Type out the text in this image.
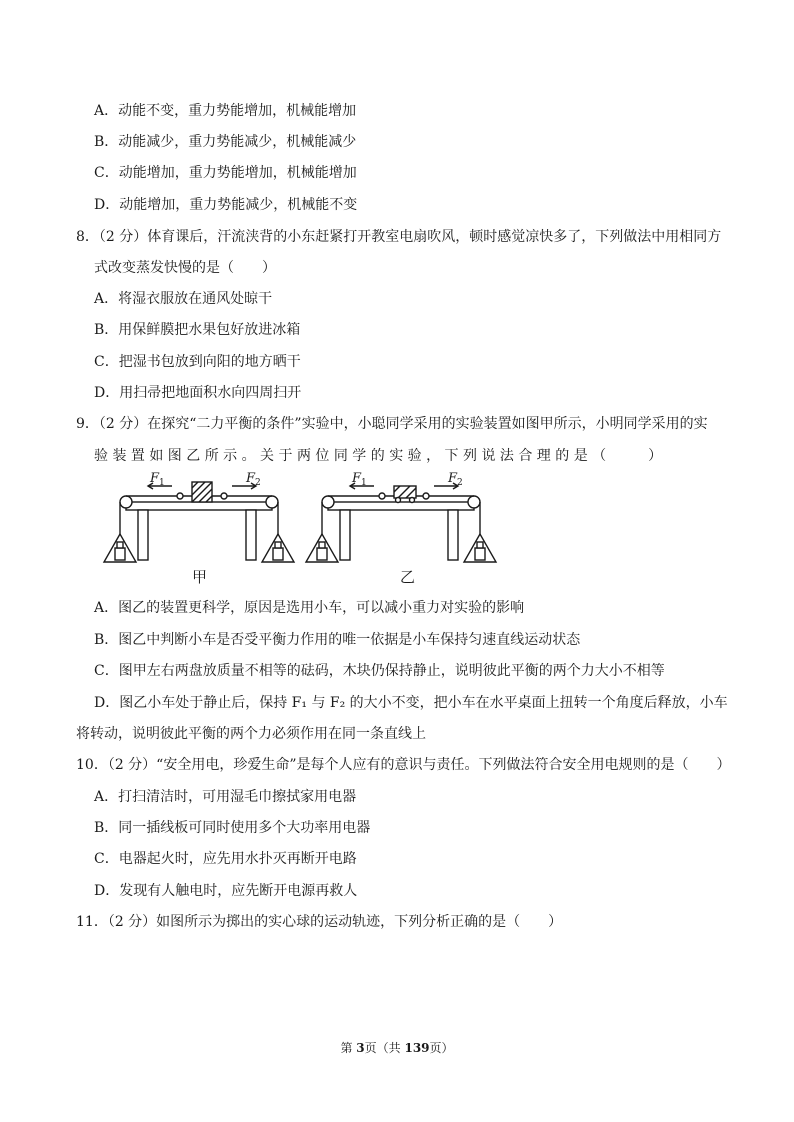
A．动能不变，重力势能增加，机械能增加
B．动能减少，重力势能减少，机械能减少
C．动能增加，重力势能增加，机械能增加
D．动能增加，重力势能减少，机械能不变
8．（2 分）体育课后，汗流浃背的小东赶紧打开教室电扇吹风，顿时感觉凉快多了，下列做法中用相同方
式改变蒸发快慢的是（　　）
A．将湿衣服放在通风处晾干
B．用保鲜膜把水果包好放进冰箱
C．把湿书包放到向阳的地方晒干
D．用扫帚把地面积水向四周扫开
9．（2 分）在探究“二力平衡的条件”实验中，小聪同学采用的实验装置如图甲所示，小明同学采用的实
验 装 置 如 图 乙 所 示 。 关 于 两 位 同 学 的 实 验 ， 下 列 说 法 合 理 的 是 （　　　）
$F_1$	$F_2$
甲
$F_1$	$F_2$
乙
A．图乙的装置更科学，原因是选用小车，可以减小重力对实验的影响
B．图乙中判断小车是否受平衡力作用的唯一依据是小车保持匀速直线运动状态
C．图甲左右两盘放质量不相等的砝码，木块仍保持静止，说明彼此平衡的两个力大小不相等
D．图乙小车处于静止后，保持 F₁ 与 F₂ 的大小不变，把小车在水平桌面上扭转一个角度后释放，小车
将转动，说明彼此平衡的两个力必须作用在同一条直线上
10．（2 分）“安全用电，珍爱生命”是每个人应有的意识与责任。下列做法符合安全用电规则的是（　　）
A．打扫清洁时，可用湿毛巾擦拭家用电器
B．同一插线板可同时使用多个大功率用电器
C．电器起火时，应先用水扑灭再断开电路
D．发现有人触电时，应先断开电源再救人
11．（2 分）如图所示为掷出的实心球的运动轨迹，下列分析正确的是（　　）
第 3页（共 139页）
